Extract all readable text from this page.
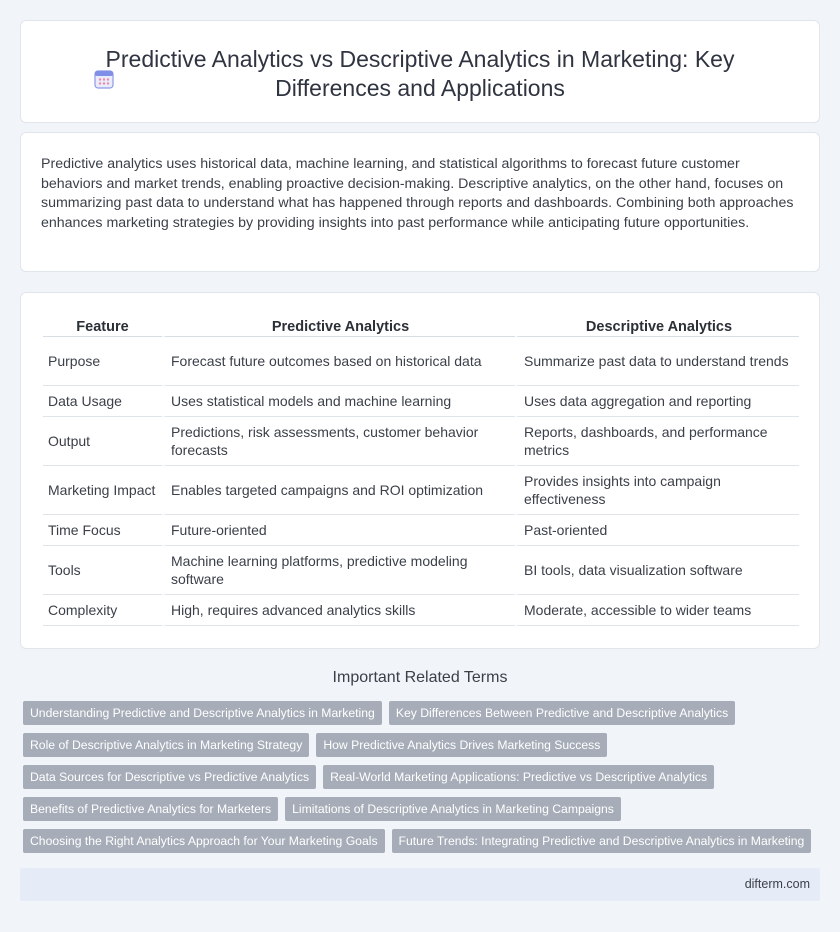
Predictive Analytics vs Descriptive Analytics in Marketing: Key Differences and Applications

Predictive analytics uses historical data, machine learning, and statistical algorithms to forecast future customer behaviors and market trends, enabling proactive decision-making. Descriptive analytics, on the other hand, focuses on summarizing past data to understand what has happened through reports and dashboards. Combining both approaches enhances marketing strategies by providing insights into past performance while anticipating future opportunities.

Feature	Predictive Analytics	Descriptive Analytics
Purpose	Forecast future outcomes based on historical data	Summarize past data to understand trends
Data Usage	Uses statistical models and machine learning	Uses data aggregation and reporting
Output	Predictions, risk assessments, customer behavior forecasts	Reports, dashboards, and performance metrics
Marketing Impact	Enables targeted campaigns and ROI optimization	Provides insights into campaign effectiveness
Time Focus	Future-oriented	Past-oriented
Tools	Machine learning platforms, predictive modeling software	BI tools, data visualization software
Complexity	High, requires advanced analytics skills	Moderate, accessible to wider teams
Important Related Terms
Understanding Predictive and Descriptive Analytics in Marketing	Key Differences Between Predictive and Descriptive Analytics
Role of Descriptive Analytics in Marketing Strategy	How Predictive Analytics Drives Marketing Success
Data Sources for Descriptive vs Predictive Analytics	Real-World Marketing Applications: Predictive vs Descriptive Analytics
Benefits of Predictive Analytics for Marketers	Limitations of Descriptive Analytics in Marketing Campaigns
Choosing the Right Analytics Approach for Your Marketing Goals	Future Trends: Integrating Predictive and Descriptive Analytics in Marketing
difterm.com
